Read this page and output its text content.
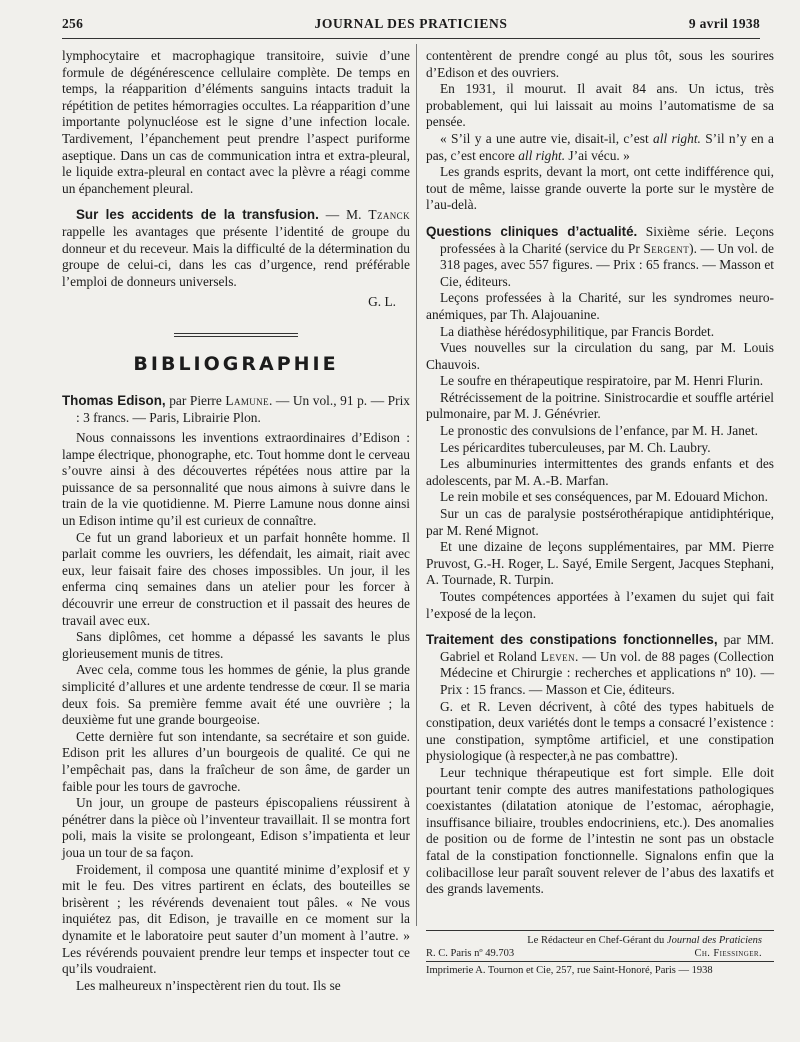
256	JOURNAL DES PRATICIENS	9 avril 1938

lymphocytaire et macrophagique transitoire, suivie d’une formule de dégénérescence cellulaire complète. De temps en temps, la réapparition d’éléments sanguins intacts traduit la répétition de petites hémorragies occultes. La réapparition d’une importante polynucléose est le signe d’une infection locale. Tardivement, l’épanchement peut prendre l’aspect puriforme aseptique. Dans un cas de communication intra et extra-pleural, le liquide extra-pleural en contact avec la plèvre a réagi comme un épanchement pleural.

Sur les accidents de la transfusion. — M. Tzanck rappelle les avantages que présente l’identité de groupe du donneur et du receveur. Mais la difficulté de la détermination du groupe de celui-ci, dans les cas d’urgence, rend préférable l’emploi de donneurs universels.

G. L.

BIBLIOGRAPHIE

Thomas Edison, par Pierre Lamune. — Un vol., 91 p. — Prix : 3 francs. — Paris, Librairie Plon.

Nous connaissons les inventions extraordinaires d’Edison : lampe électrique, phonographe, etc. Tout homme dont le cerveau s’ouvre ainsi à des découvertes répétées nous attire par la puissance de sa personnalité que nous aimons à suivre dans le train de la vie quotidienne. M. Pierre Lamune nous donne ainsi un Edison intime qu’il est curieux de connaître.

Ce fut un grand laborieux et un parfait honnête homme. Il parlait comme les ouvriers, les défendait, les aimait, riait avec eux, leur faisait faire des choses impossibles. Un jour, il les enferma cinq semaines dans un atelier pour les forcer à découvrir une erreur de construction et il passait des heures de travail avec eux.

Sans diplômes, cet homme a dépassé les savants le plus glorieusement munis de titres.

Avec cela, comme tous les hommes de génie, la plus grande simplicité d’allures et une ardente tendresse de cœur. Il se maria deux fois. Sa première femme avait été une ouvrière ; la deuxième fut une grande bourgeoise.

Cette dernière fut son intendante, sa secrétaire et son guide. Edison prit les allures d’un bourgeois de qualité. Ce qui ne l’empêchait pas, dans la fraîcheur de son âme, de garder un faible pour les tours de gavroche.

Un jour, un groupe de pasteurs épiscopaliens réussirent à pénétrer dans la pièce où l’inventeur travaillait. Il se montra fort poli, mais la visite se prolongeant, Edison s’impatienta et leur joua un tour de sa façon.

Froidement, il composa une quantité minime d’explosif et y mit le feu. Des vitres partirent en éclats, des bouteilles se brisèrent ; les révérends devenaient tout pâles. « Ne vous inquiétez pas, dit Edison, je travaille en ce moment sur la dynamite et le laboratoire peut sauter d’un moment à l’autre. » Les révérends pouvaient prendre leur temps et inspecter tout ce qu’ils voudraient.

Les malheureux n’inspectèrent rien du tout. Ils se

contentèrent de prendre congé au plus tôt, sous les sourires d’Edison et des ouvriers.

En 1931, il mourut. Il avait 84 ans. Un ictus, très probablement, qui lui laissait au moins l’automatisme de sa pensée.

« S’il y a une autre vie, disait-il, c’est all right. S’il n’y en a pas, c’est encore all right. J’ai vécu. »

Les grands esprits, devant la mort, ont cette indifférence qui, tout de même, laisse grande ouverte la porte sur le mystère de l’au-delà.

Questions cliniques d’actualité. Sixième série. Leçons professées à la Charité (service du Pr Sergent). — Un vol. de 318 pages, avec 557 figures. — Prix : 65 francs. — Masson et Cie, éditeurs.

Leçons professées à la Charité, sur les syndromes neuro-anémiques, par Th. Alajouanine.

La diathèse hérédosyphilitique, par Francis Bordet.

Vues nouvelles sur la circulation du sang, par M. Louis Chauvois.

Le soufre en thérapeutique respiratoire, par M. Henri Flurin.

Rétrécissement de la poitrine. Sinistrocardie et souffle artériel pulmonaire, par M. J. Génévrier.

Le pronostic des convulsions de l’enfance, par M. H. Janet.

Les péricardites tuberculeuses, par M. Ch. Laubry.

Les albuminuries intermittentes des grands enfants et des adolescents, par M. A.-B. Marfan.

Le rein mobile et ses conséquences, par M. Edouard Michon.

Sur un cas de paralysie postsérothérapique antidiphtérique, par M. René Mignot.

Et une dizaine de leçons supplémentaires, par MM. Pierre Pruvost, G.-H. Roger, L. Sayé, Emile Sergent, Jacques Stephani, A. Tournade, R. Turpin.

Toutes compétences apportées à l’examen du sujet qui fait l’exposé de la leçon.

Traitement des constipations fonctionnelles, par MM. Gabriel et Roland Leven. — Un vol. de 88 pages (Collection Médecine et Chirurgie : recherches et applications nº 10). — Prix : 15 francs. — Masson et Cie, éditeurs.

G. et R. Leven décrivent, à côté des types habituels de constipation, deux variétés dont le temps a consacré l’existence : une constipation, symptôme artificiel, et une constipation physiologique (à respecter,à ne pas combattre).

Leur technique thérapeutique est fort simple. Elle doit pourtant tenir compte des autres manifestations pathologiques coexistantes (dilatation atonique de l’estomac, aérophagie, insuffisance biliaire, troubles endocriniens, etc.). Des anomalies de position ou de forme de l’intestin ne sont pas un obstacle fatal de la constipation fonctionnelle. Signalons enfin que la colibacillose leur paraît souvent relever de l’abus des laxatifs et des grands lavements.

Le Rédacteur en Chef-Gérant du Journal des Praticiens
R. C. Paris nº 49.703	Ch. Fiessinger.
Imprimerie A. Tournon et Cie, 257, rue Saint-Honoré, Paris — 1938
